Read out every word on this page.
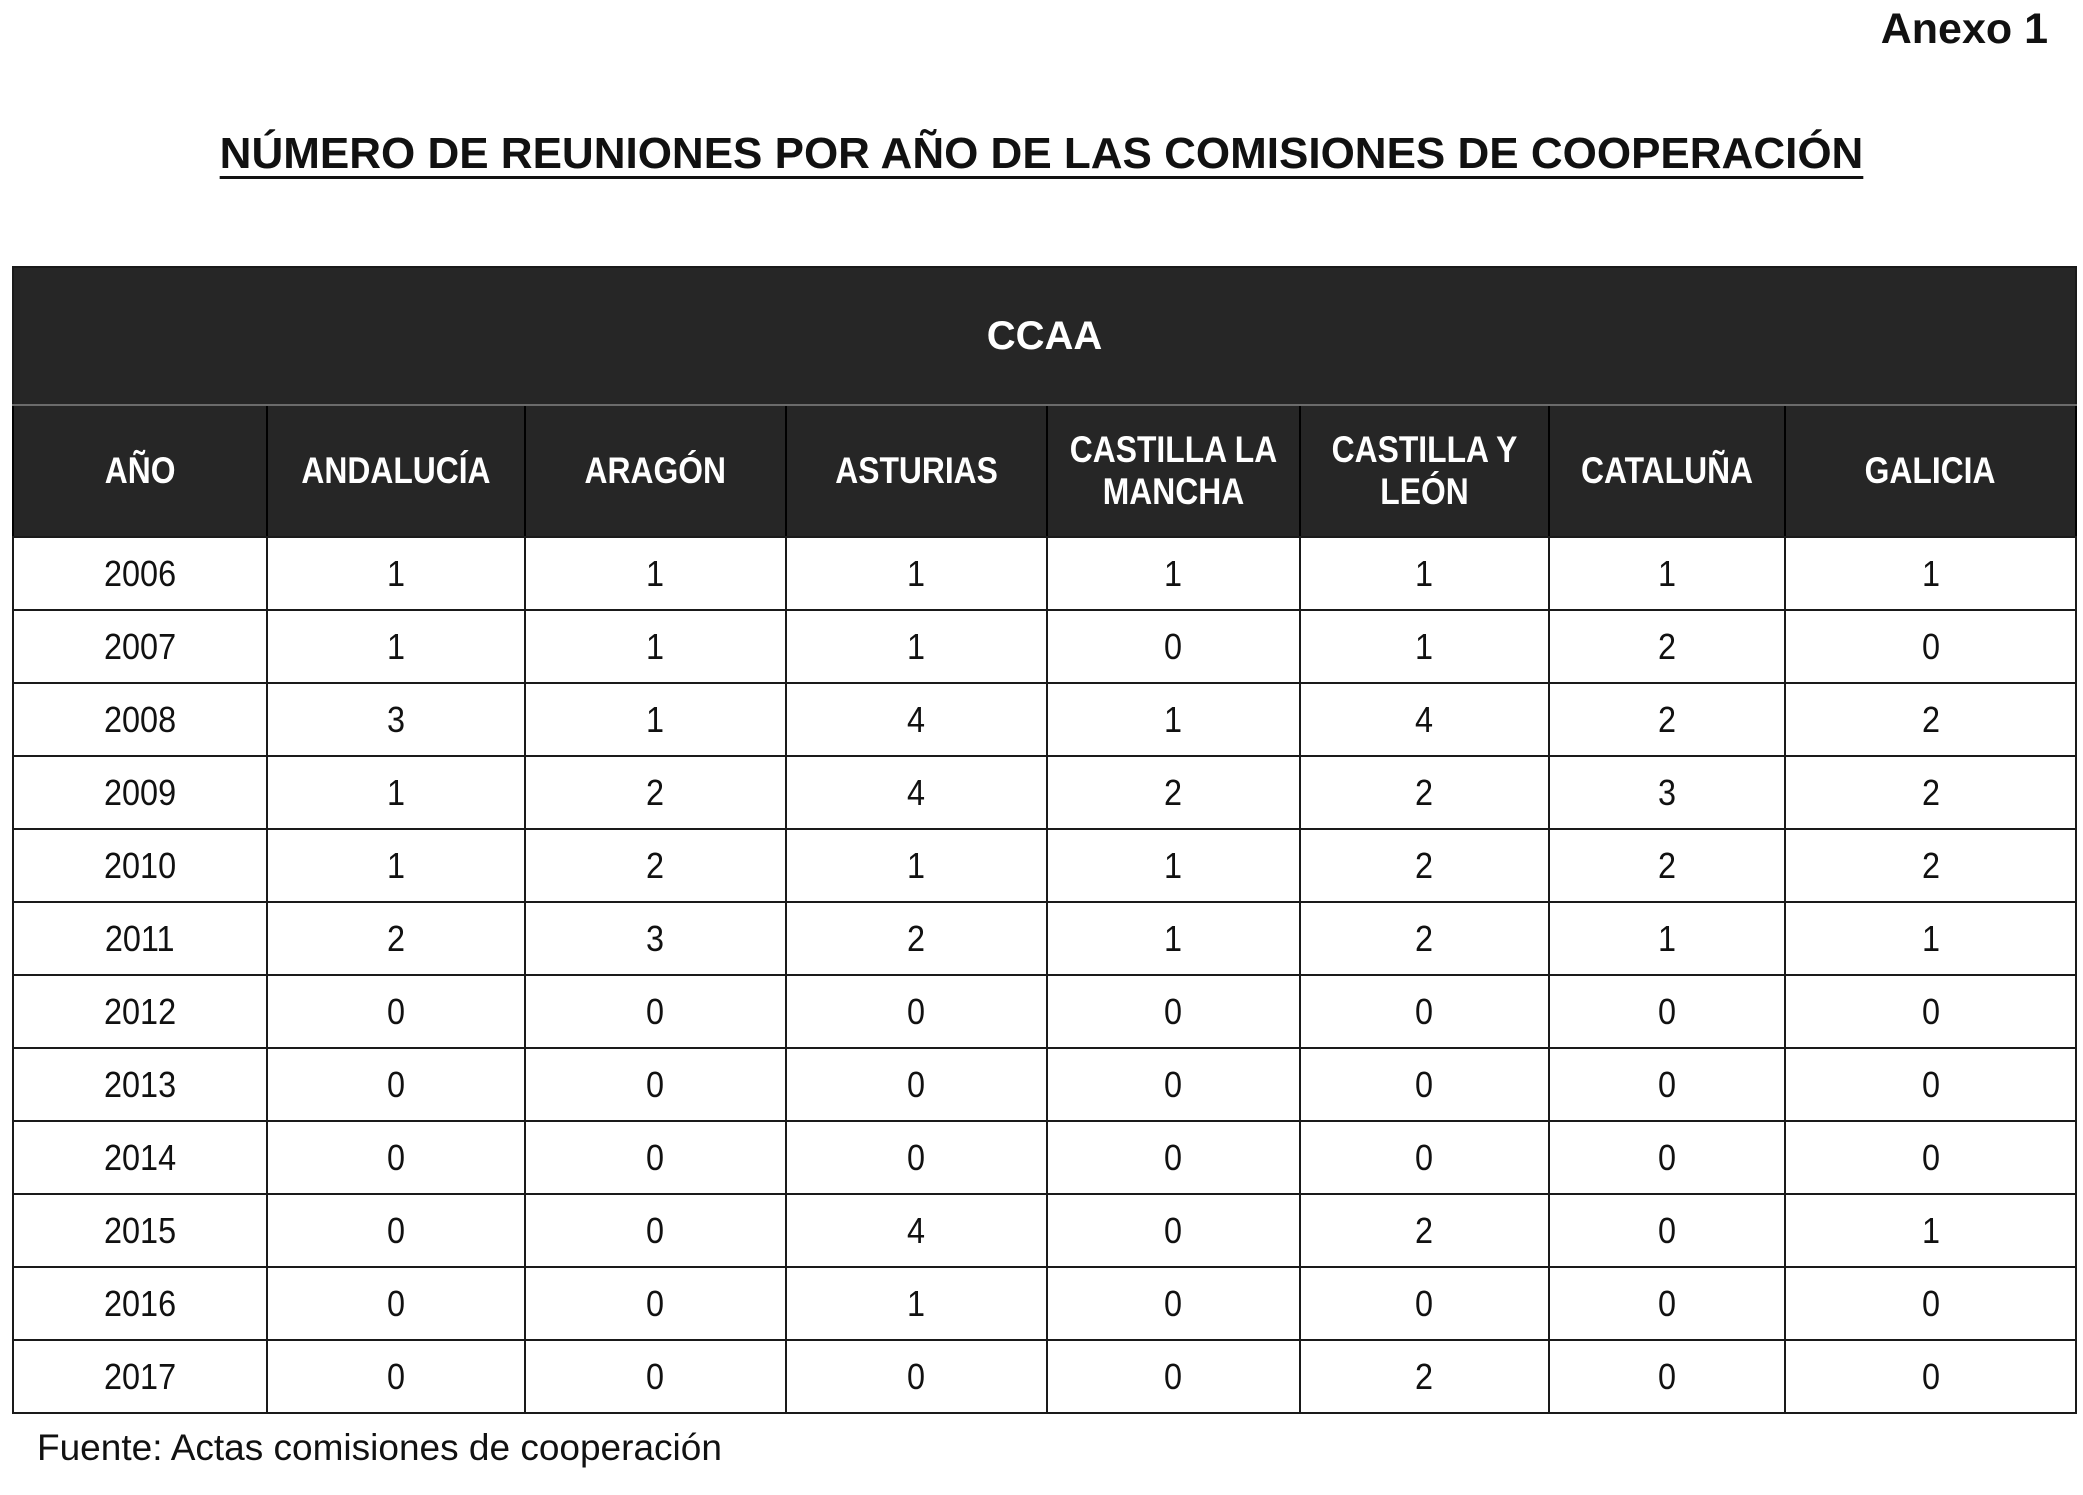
Anexo 1

NÚMERO DE REUNIONES POR AÑO DE LAS COMISIONES DE COOPERACIÓN
CCAA							
AÑO	ANDALUCÍA	ARAGÓN	ASTURIAS	CASTILLA LA MANCHA	CASTILLA Y LEÓN	CATALUÑA	GALICIA
2006	1	1	1	1	1	1	1
2007	1	1	1	0	1	2	0
2008	3	1	4	1	4	2	2
2009	1	2	4	2	2	3	2
2010	1	2	1	1	2	2	2
2011	2	3	2	1	2	1	1
2012	0	0	0	0	0	0	0
2013	0	0	0	0	0	0	0
2014	0	0	0	0	0	0	0
2015	0	0	4	0	2	0	1
2016	0	0	1	0	0	0	0
2017	0	0	0	0	2	0	0

Fuente: Actas comisiones de cooperación
